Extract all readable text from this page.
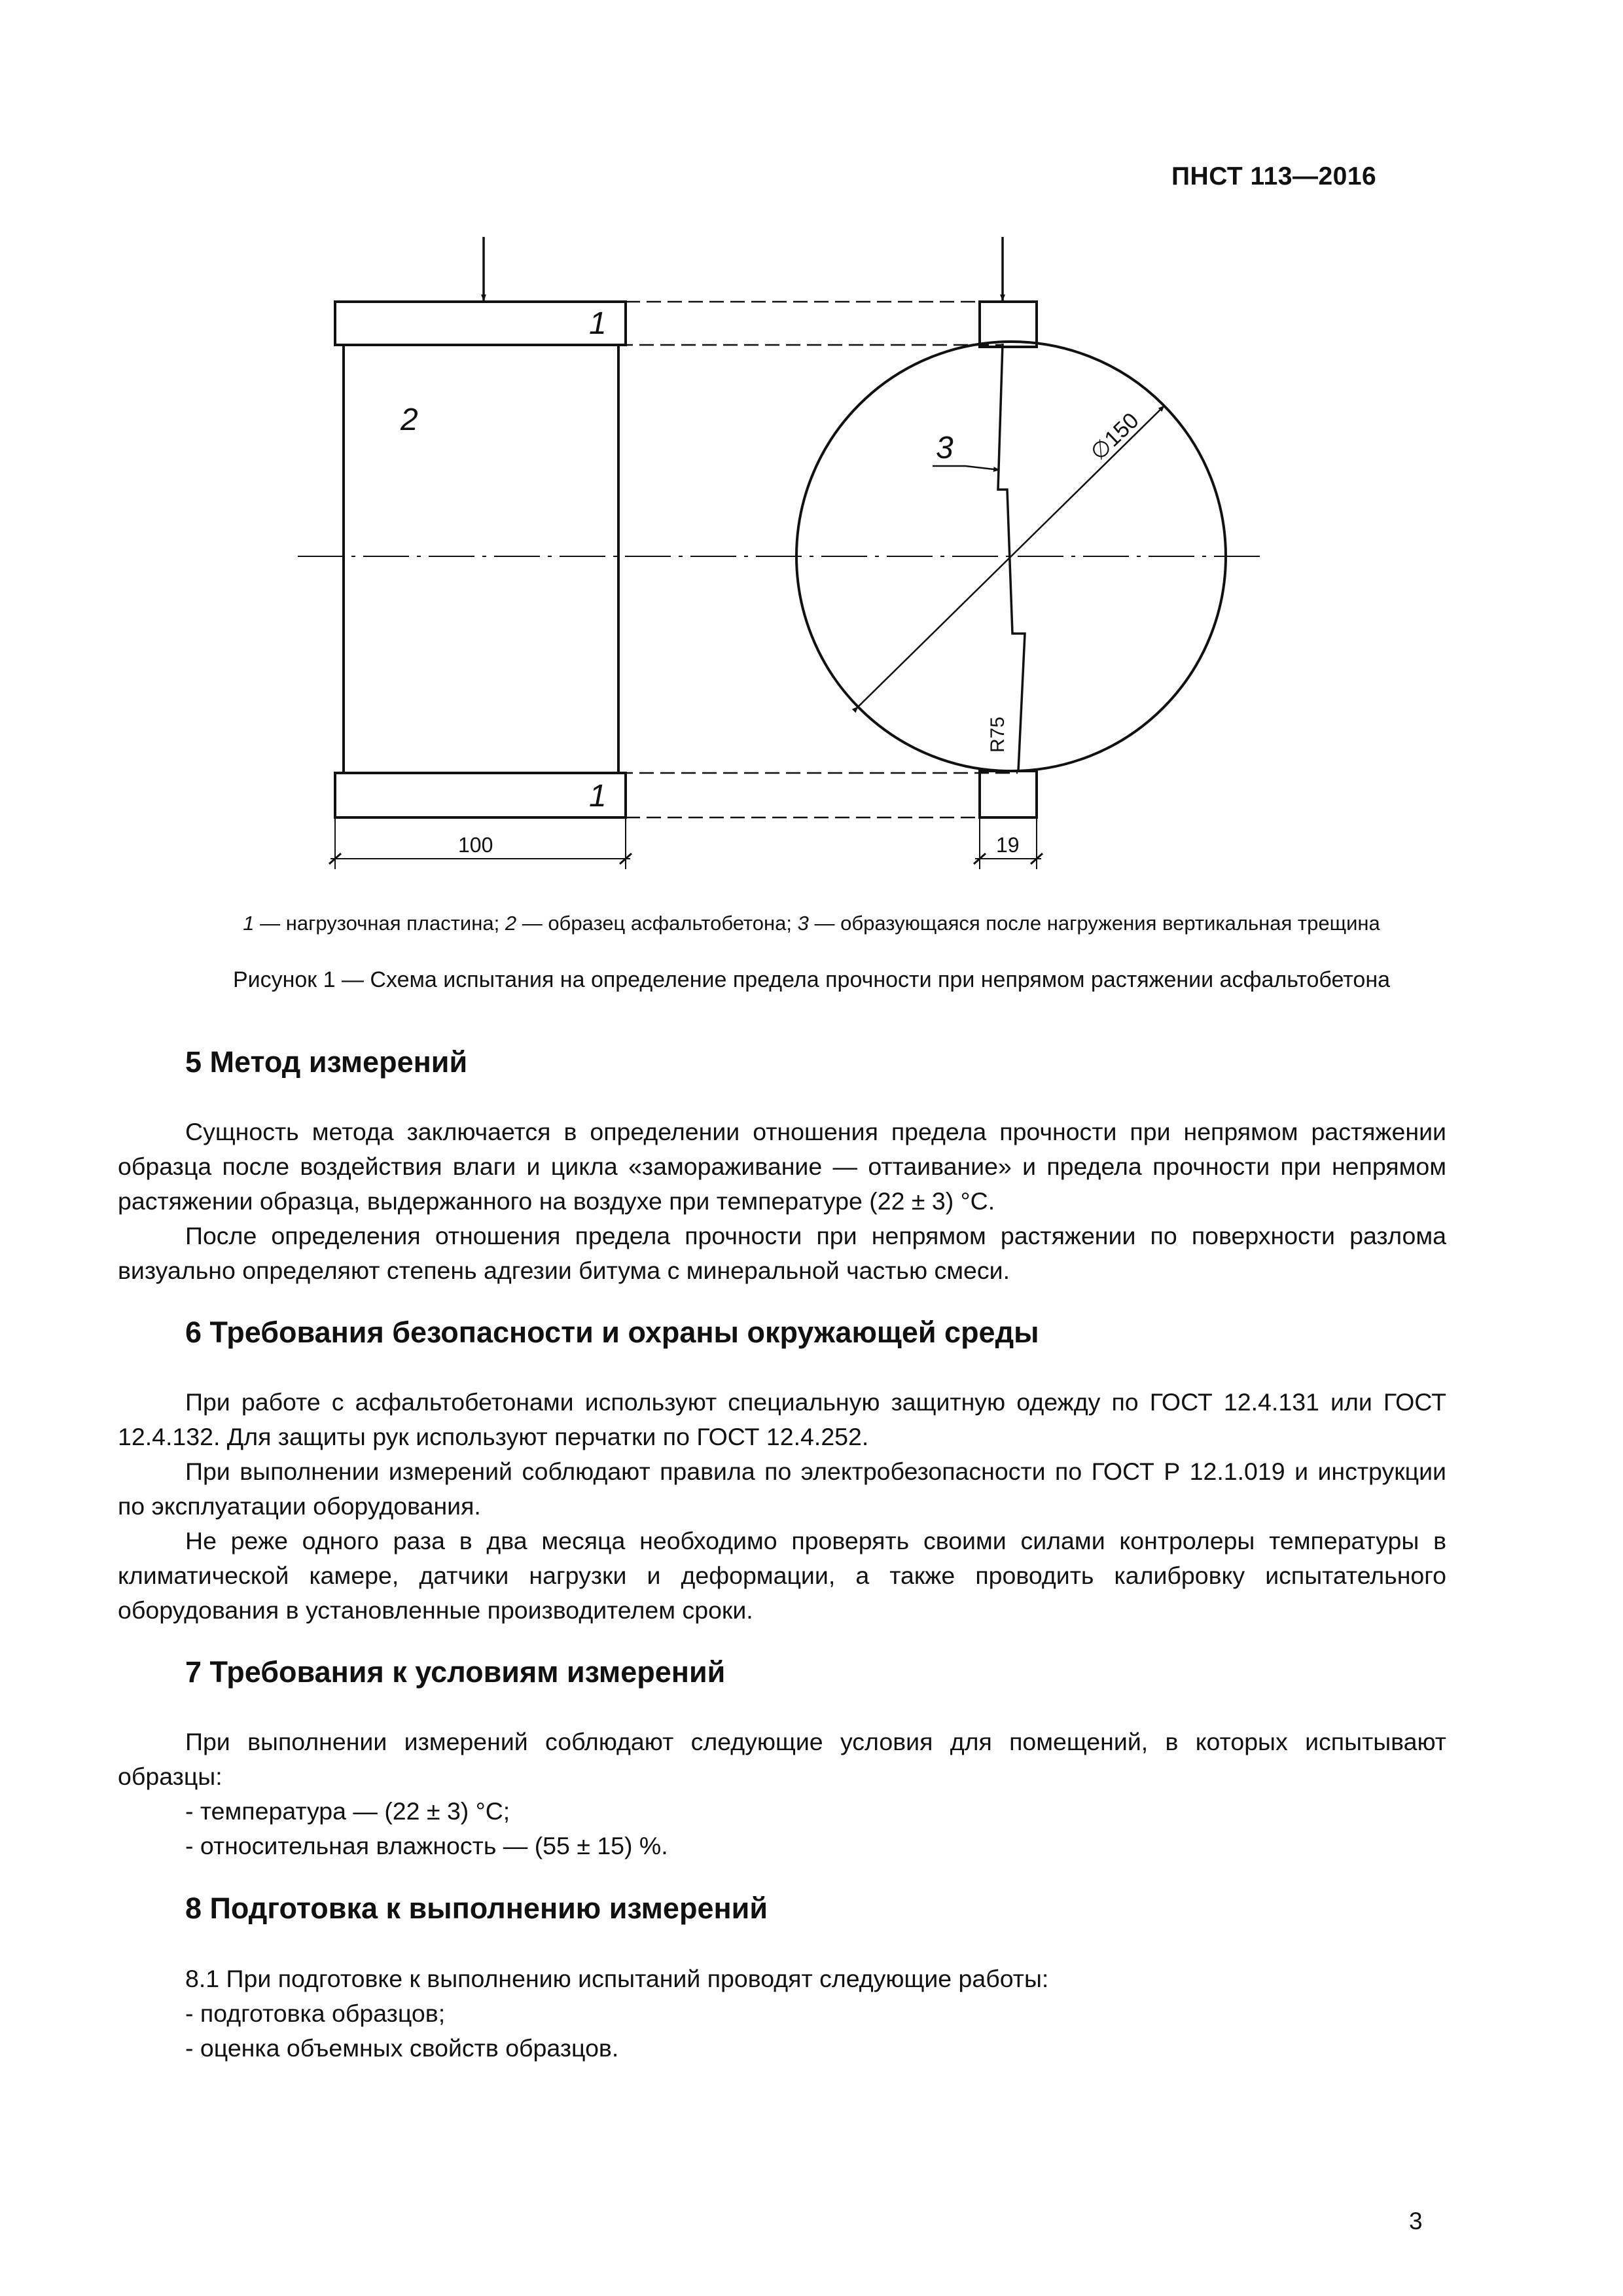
ПНСТ 113—2016
1
2
1
3	∅150
R75
100	19
1 — нагрузочная пластина; 2 — образец асфальтобетона; 3 — образующаяся после нагружения вертикальная трещина
Рисунок 1 — Схема испытания на определение предела прочности при непрямом растяжении асфальтобетона
5 Метод измерений

Сущность метода заключается в определении отношения предела прочности при непрямом растяжении образца после воздействия влаги и цикла «замораживание — оттаивание» и предела прочности при непрямом растяжении образца, выдержанного на воздухе при температуре (22 ± 3) °С.

После определения отношения предела прочности при непрямом растяжении по поверхности разлома визуально определяют степень адгезии битума с минеральной частью смеси.

6 Требования безопасности и охраны окружающей среды

При работе с асфальтобетонами используют специальную защитную одежду по ГОСТ 12.4.131 или ГОСТ 12.4.132. Для защиты рук используют перчатки по ГОСТ 12.4.252.

При выполнении измерений соблюдают правила по электробезопасности по ГОСТ Р 12.1.019 и инструкции по эксплуатации оборудования.

Не реже одного раза в два месяца необходимо проверять своими силами контролеры температуры в климатической камере, датчики нагрузки и деформации, а также проводить калибровку испытательного оборудования в установленные производителем сроки.

7 Требования к условиям измерений

При выполнении измерений соблюдают следующие условия для помещений, в которых испытывают образцы:

- температура — (22 ± 3) °С;
- относительная влажность — (55 ± 15) %.
8 Подготовка к выполнению измерений
8.1 При подготовке к выполнению испытаний проводят следующие работы:
- подготовка образцов;
- оценка объемных свойств образцов.
3
